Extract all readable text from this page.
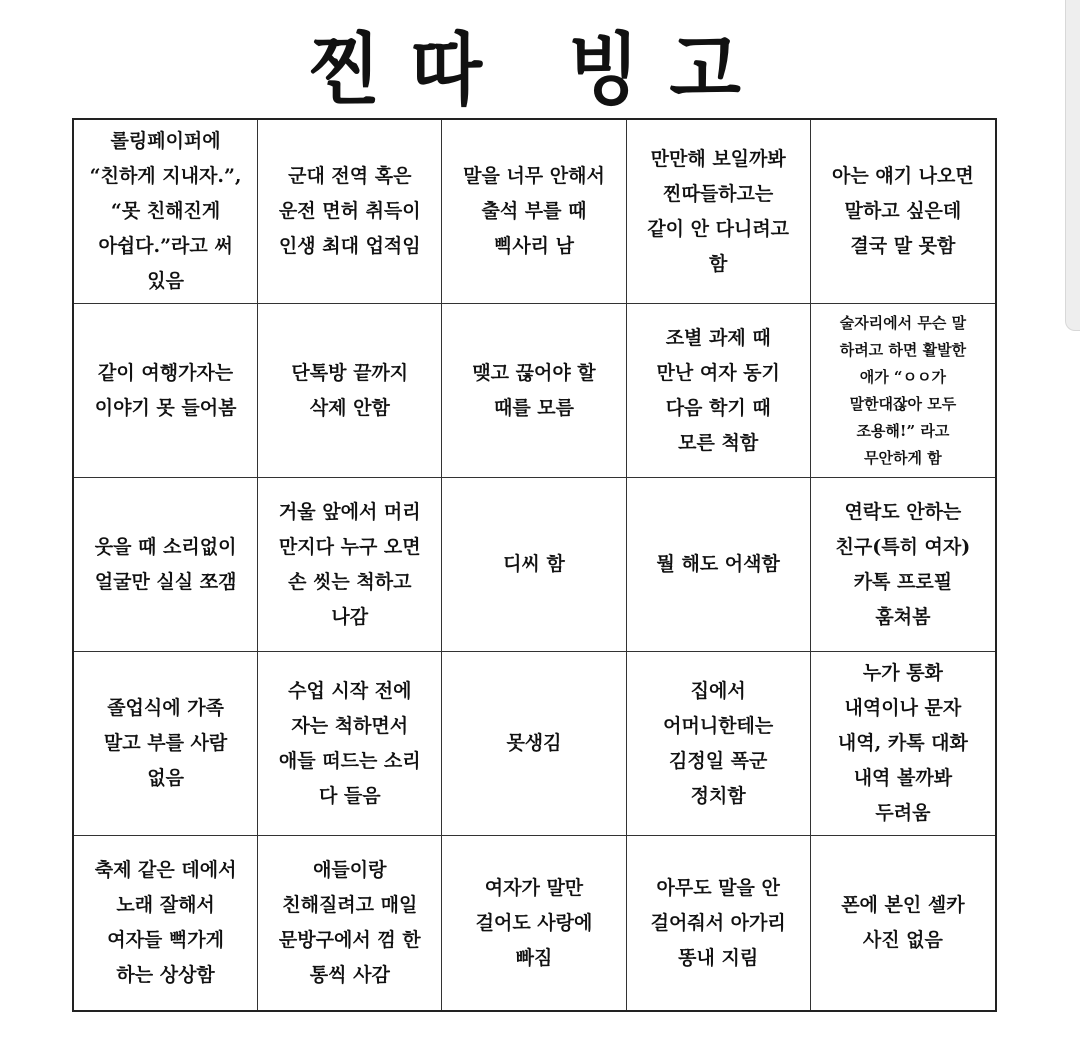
찐따 빙고
롤링페이퍼에
“친하게 지내자.”,
“못 친해진게
아쉽다.”라고 써
있음
군대 전역 혹은
운전 면허 취득이
인생 최대 업적임
말을 너무 안해서
출석 부를 때
삑사리 남
만만해 보일까봐
찐따들하고는
같이 안 다니려고
함
아는 얘기 나오면
말하고 싶은데
결국 말 못함
같이 여행가자는
이야기 못 들어봄
단톡방 끝까지
삭제 안함
맺고 끊어야 할
때를 모름
조별 과제 때
만난 여자 동기
다음 학기 때
모른 척함
술자리에서 무슨 말
하려고 하면 활발한
애가 “ㅇㅇ가
말한대잖아 모두
조용해!” 라고
무안하게 함
웃을 때 소리없이
얼굴만 실실 쪼갬
거울 앞에서 머리
만지다 누구 오면
손 씻는 척하고
나감
디씨 함	뭘 해도 어색함
연락도 안하는
친구(특히 여자)
카톡 프로필
훔쳐봄
졸업식에 가족
말고 부를 사람
없음
수업 시작 전에
자는 척하면서
애들 떠드는 소리
다 들음
못생김
집에서
어머니한테는
김정일 폭군
정치함
누가 통화
내역이나 문자
내역, 카톡 대화
내역 볼까봐
두려움
축제 같은 데에서
노래 잘해서
여자들 뻑가게
하는 상상함
애들이랑
친해질려고 매일
문방구에서 껌 한
통씩 사감
여자가 말만
걸어도 사랑에
빠짐
아무도 말을 안
걸어줘서 아가리
똥내 지림
폰에 본인 셀카
사진 없음
